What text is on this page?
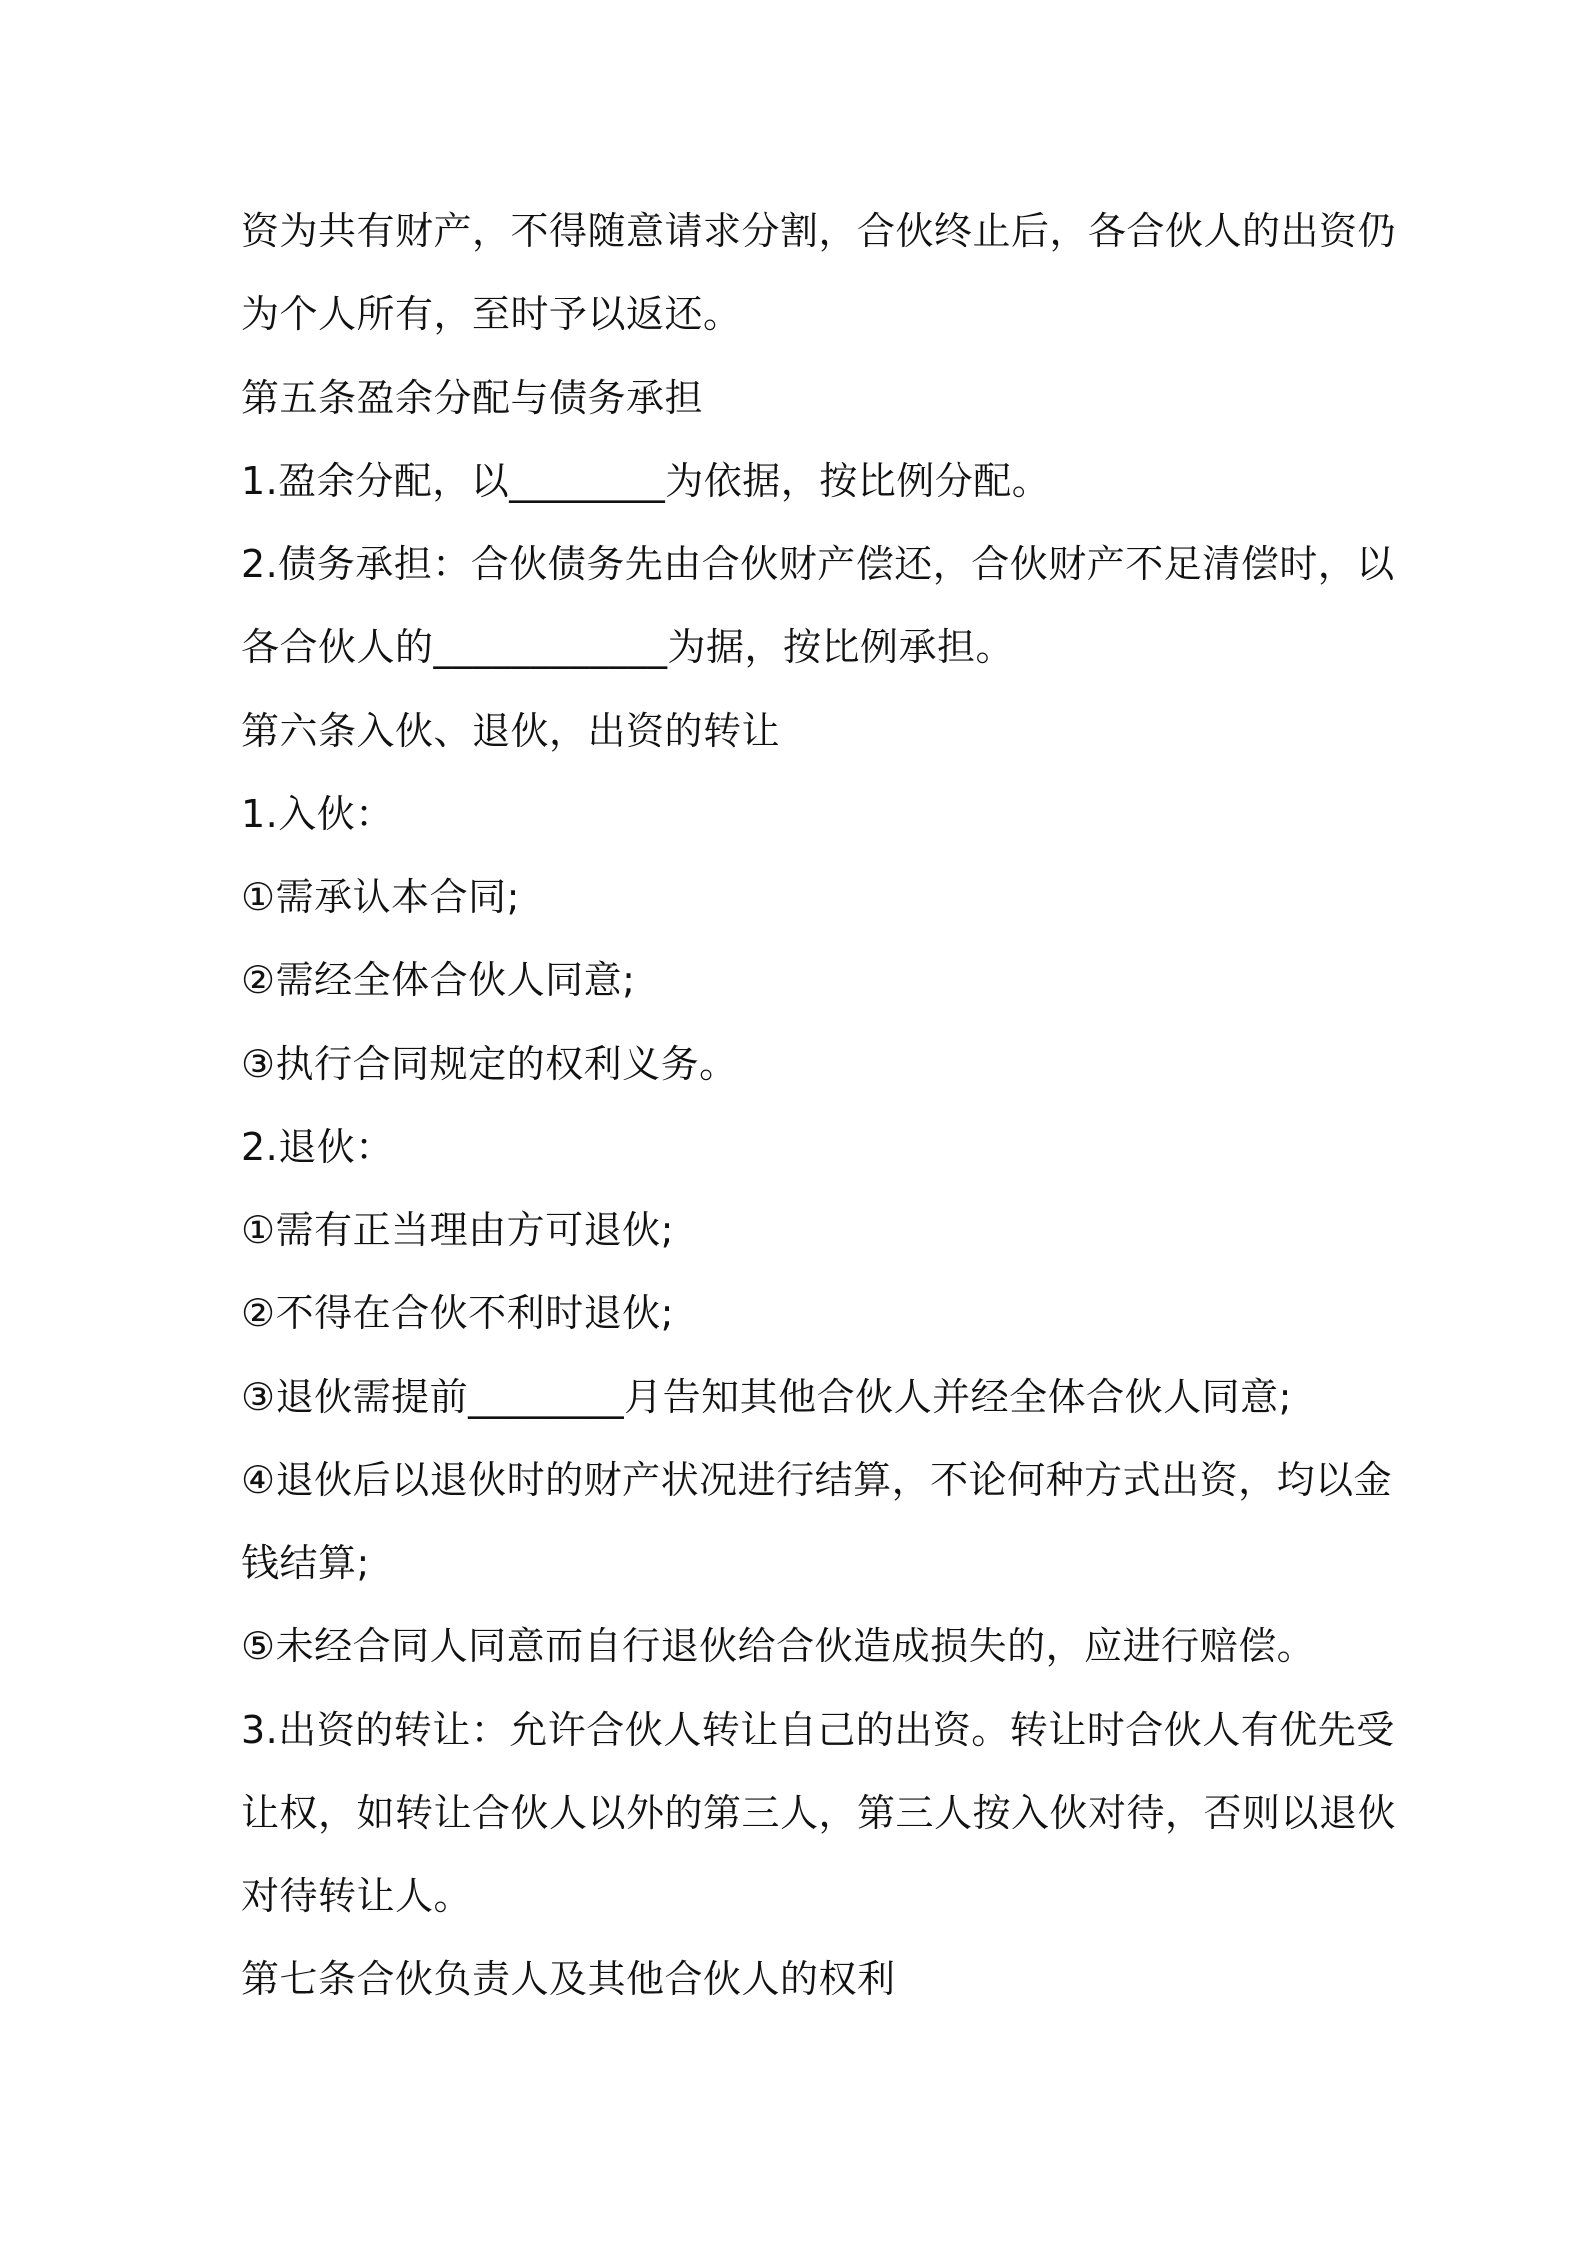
资为共有财产，不得随意请求分割，合伙终止后，各合伙人的出资仍
为个人所有，至时予以返还。
第五条盈余分配与债务承担
1.盈余分配，以________为依据，按比例分配。
2.债务承担：合伙债务先由合伙财产偿还，合伙财产不足清偿时，以
各合伙人的____________为据，按比例承担。
第六条入伙、退伙，出资的转让
1.入伙：
①需承认本合同;
②需经全体合伙人同意;
③执行合同规定的权利义务。
2.退伙：
①需有正当理由方可退伙;
②不得在合伙不利时退伙;
③退伙需提前________月告知其他合伙人并经全体合伙人同意;
④退伙后以退伙时的财产状况进行结算，不论何种方式出资，均以金
钱结算;
⑤未经合同人同意而自行退伙给合伙造成损失的，应进行赔偿。
3.出资的转让：允许合伙人转让自己的出资。转让时合伙人有优先受
让权，如转让合伙人以外的第三人，第三人按入伙对待，否则以退伙
对待转让人。
第七条合伙负责人及其他合伙人的权利
